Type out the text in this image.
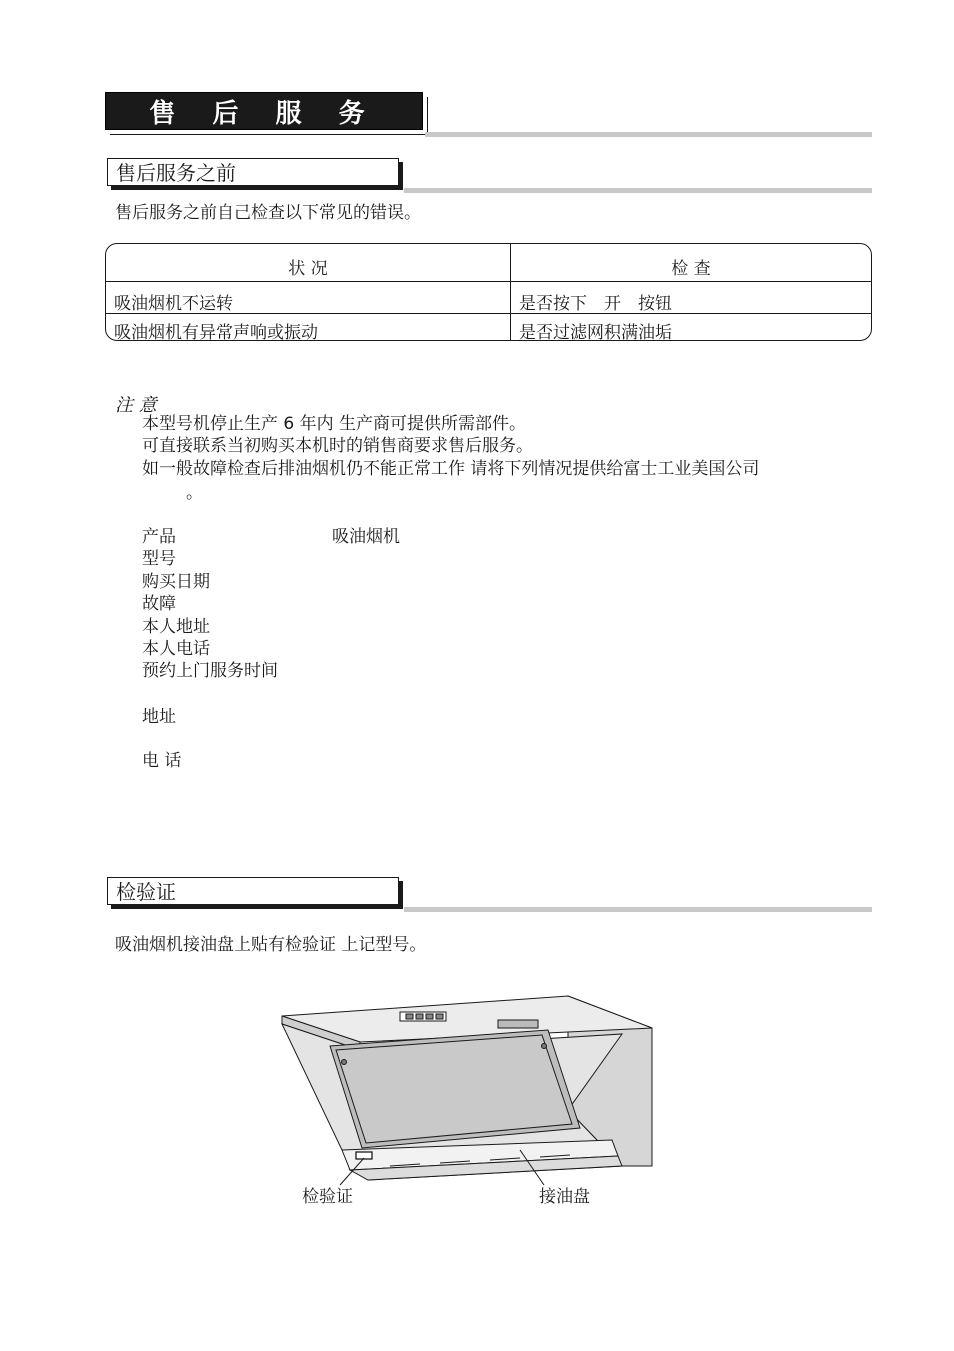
售 后 服 务
售后服务之前
售后服务之前自己检查以下常见的错误。
状 况	检 查
吸油烟机不运转	是否按下　开　按钮
吸油烟机有异常声响或振动	是否过滤网积满油垢
注 意
本型号机停止生产 6 年内 生产商可提供所需部件。
可直接联系当初购买本机时的销售商要求售后服务。
如一般故障检查后排油烟机仍不能正常工作 请将下列情况提供给富士工业美国公司
。
产品	吸油烟机
型号
购买日期
故障
本人地址
本人电话
预约上门服务时间
地址
电 话
检验证
吸油烟机接油盘上贴有检验证 上记型号。
检验证	接油盘
